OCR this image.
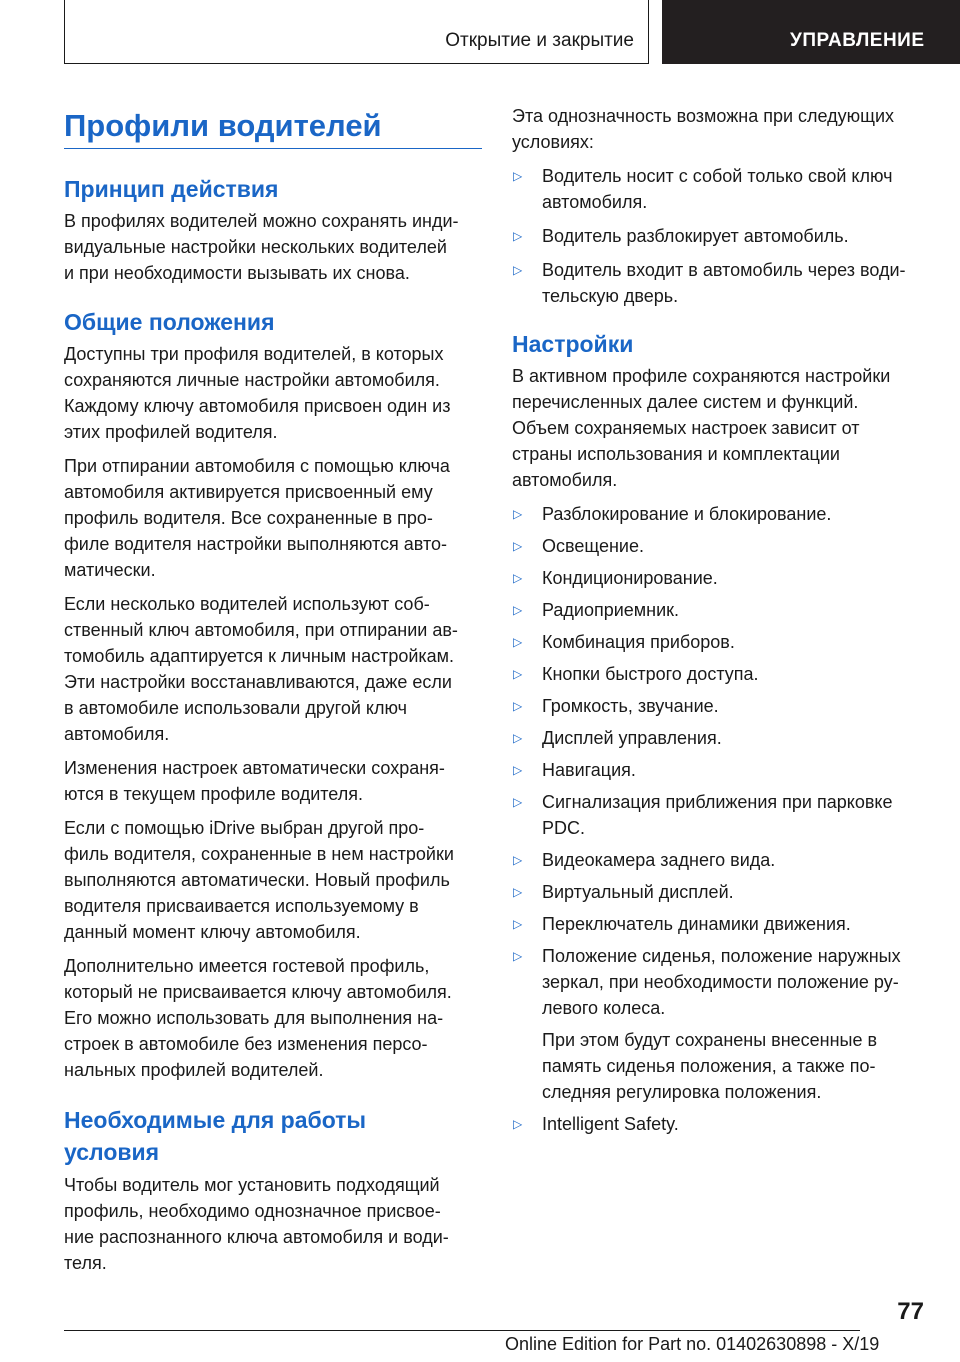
Открытие и закрытие	УПРАВЛЕНИЕ
Профили водителей
Принцип действия

В профилях водителей можно сохранять инди-
видуальные настройки нескольких водителей
и при необходимости вызывать их снова.

Общие положения

Доступны три профиля водителей, в которых
сохраняются личные настройки автомобиля.
Каждому ключу автомобиля присвоен один из
этих профилей водителя.

При отпирании автомобиля с помощью ключа
автомобиля активируется присвоенный ему
профиль водителя. Все сохраненные в про-
филе водителя настройки выполняются авто-
матически.

Если несколько водителей используют соб-
ственный ключ автомобиля, при отпирании ав-
томобиль адаптируется к личным настройкам.
Эти настройки восстанавливаются, даже если
в автомобиле использовали другой ключ
автомобиля.

Изменения настроек автоматически сохраня-
ются в текущем профиле водителя.

Если с помощью iDrive выбран другой про-
филь водителя, сохраненные в нем настройки
выполняются автоматически. Новый профиль
водителя присваивается используемому в
данный момент ключу автомобиля.

Дополнительно имеется гостевой профиль,
который не присваивается ключу автомобиля.
Его можно использовать для выполнения на-
строек в автомобиле без изменения персо-
нальных профилей водителей.

Необходимые для работы
условия

Чтобы водитель мог установить подходящий
профиль, необходимо однозначное присвое-
ние распознанного ключа автомобиля и води-
теля.

Эта однозначность возможна при следующих
условиях:

▷ Водитель носит с собой только свой ключ
автомобиля.
▷ Водитель разблокирует автомобиль.
▷ Водитель входит в автомобиль через води-
тельскую дверь.
Настройки

В активном профиле сохраняются настройки
перечисленных далее систем и функций.
Объем сохраняемых настроек зависит от
страны использования и комплектации
автомобиля.

▷ Разблокирование и блокирование.
▷ Освещение.
▷ Кондиционирование.
▷ Радиоприемник.
▷ Комбинация приборов.
▷ Кнопки быстрого доступа.
▷ Громкость, звучание.
▷ Дисплей управления.
▷ Навигация.
▷ Сигнализация приближения при парковке
PDC.
▷ Видеокамера заднего вида.
▷ Виртуальный дисплей.
▷ Переключатель динамики движения.
▷ Положение сиденья, положение наружных
зеркал, при необходимости положение ру-
левого колеса.
При этом будут сохранены внесенные в
память сиденья положения, а также по-
следняя регулировка положения.
▷ Intelligent Safety.
77
Online Edition for Part no. 01402630898 - X/19
